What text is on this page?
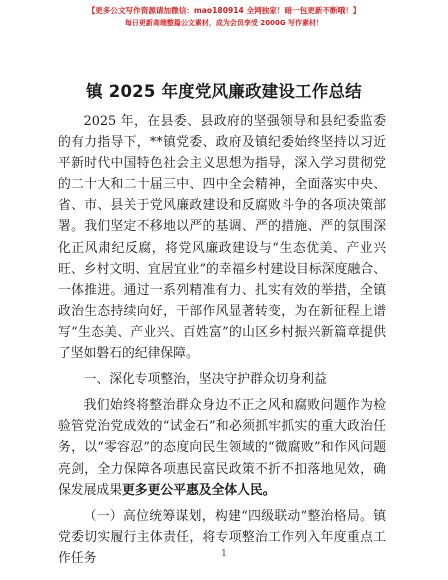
【更多公文写作资源请加微信：mao180914 全网独家！暗一包更新不断哦！】
每日更新高端整篇公文素材，成为会员享受 2000G 写作素材！
镇 2025 年度党风廉政建设工作总结

2025 年，在县委、县政府的坚强领导和县纪委监委的有力指导下，**镇党委、政府及镇纪委始终坚持以习近平新时代中国特色社会主义思想为指导，深入学习贯彻党的二十大和二十届三中、四中全会精神，全面落实中央、省、市、县关于党风廉政建设和反腐败斗争的各项决策部署。我们坚定不移地以严的基调、严的措施、严的氛围深化正风肃纪反腐，将党风廉政建设与“生态优美、产业兴旺、乡村文明、宜居宜业”的幸福乡村建设目标深度融合、一体推进。通过一系列精准有力、扎实有效的举措，全镇政治生态持续向好，干部作风显著转变，为在新征程上谱写“生态美、产业兴、百姓富”的山区乡村振兴新篇章提供了坚如磐石的纪律保障。

一、深化专项整治，坚决守护群众切身利益

我们始终将整治群众身边不正之风和腐败问题作为检验管党治党成效的“试金石”和必须抓牢抓实的重大政治任务，以“零容忍”的态度向民生领域的“微腐败”和作风问题亮剑，全力保障各项惠民富民政策不折不扣落地见效，确保发展成果更多更公平惠及全体人民。

（一）高位统筹谋划，构建“四级联动”整治格局。镇党委切实履行主体责任，将专项整治工作列入年度重点工作任务	1
